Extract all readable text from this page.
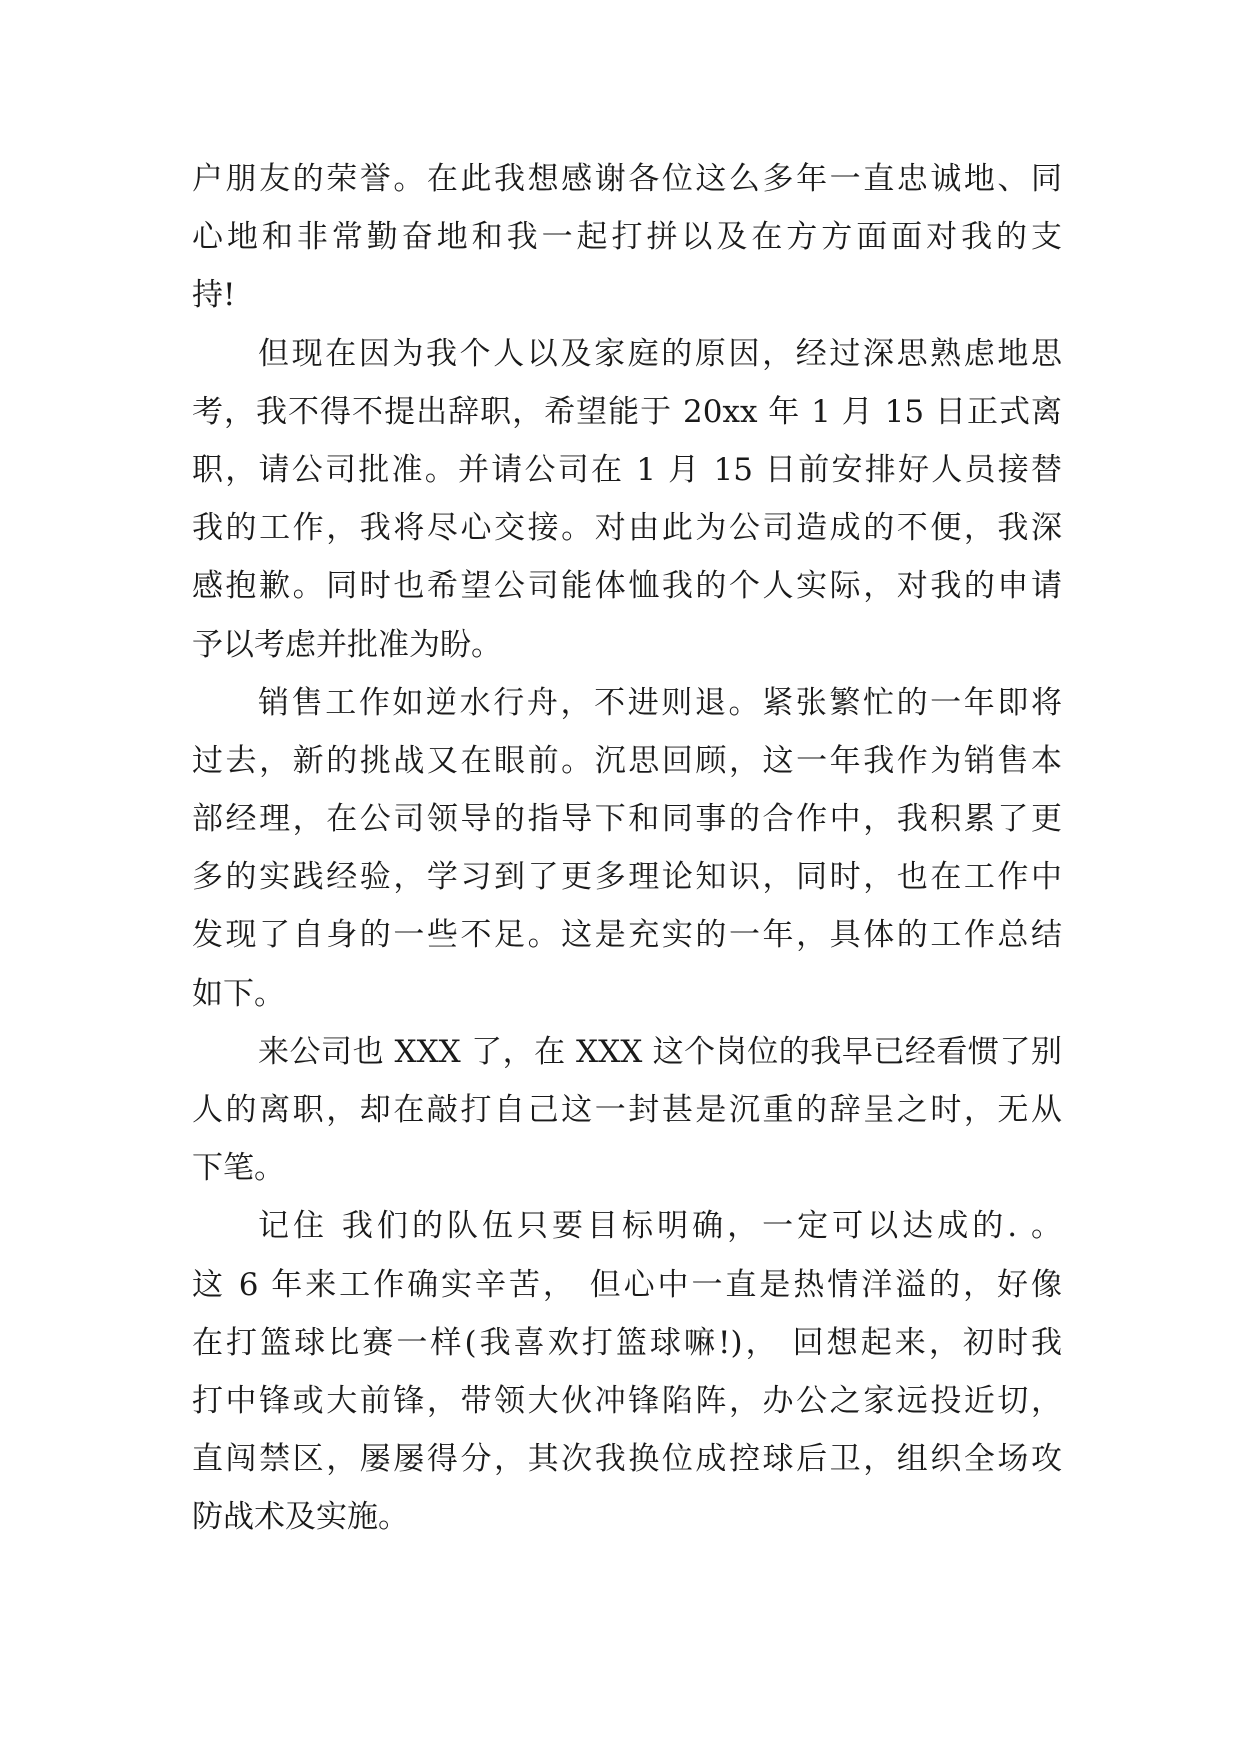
户朋友的荣誉。在此我想感谢各位这么多年一直忠诚地、同
心地和非常勤奋地和我一起打拼以及在方方面面对我的支
持!
但现在因为我个人以及家庭的原因，经过深思熟虑地思
考，我不得不提出辞职，希望能于 20xx 年 1 月 15 日正式离
职，请公司批准。并请公司在 1 月 15 日前安排好人员接替
我的工作，我将尽心交接。对由此为公司造成的不便，我深
感抱歉。同时也希望公司能体恤我的个人实际，对我的申请
予以考虑并批准为盼。
销售工作如逆水行舟，不进则退。紧张繁忙的一年即将
过去，新的挑战又在眼前。沉思回顾，这一年我作为销售本
部经理，在公司领导的指导下和同事的合作中，我积累了更
多的实践经验，学习到了更多理论知识，同时，也在工作中
发现了自身的一些不足。这是充实的一年，具体的工作总结
如下。
来公司也 XXX 了，在 XXX 这个岗位的我早已经看惯了别
人的离职，却在敲打自己这一封甚是沉重的辞呈之时，无从
下笔。
记住 我们的队伍只要目标明确，一定可以达成的. 。
这 6 年来工作确实辛苦， 但心中一直是热情洋溢的，好像
在打篮球比赛一样(我喜欢打篮球嘛!)， 回想起来，初时我
打中锋或大前锋，带领大伙冲锋陷阵，办公之家远投近切，
直闯禁区，屡屡得分，其次我换位成控球后卫，组织全场攻
防战术及实施。
